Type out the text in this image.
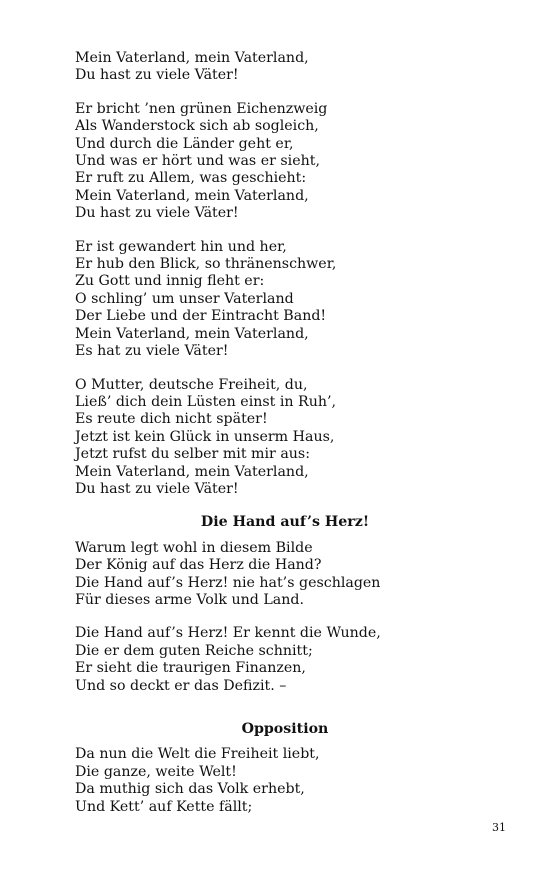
Mein Vaterland, mein Vaterland,
Du hast zu viele Väter!
Er bricht ’nen grünen Eichenzweig
Als Wanderstock sich ab sogleich,
Und durch die Länder geht er,
Und was er hört und was er sieht,
Er ruft zu Allem, was geschieht:
Mein Vaterland, mein Vaterland,
Du hast zu viele Väter!
Er ist gewandert hin und her,
Er hub den Blick, so thränenschwer,
Zu Gott und innig fleht er:
O schling’ um unser Vaterland
Der Liebe und der Eintracht Band!
Mein Vaterland, mein Vaterland,
Es hat zu viele Väter!
O Mutter, deutsche Freiheit, du,
Ließ’ dich dein Lüsten einst in Ruh’,
Es reute dich nicht später!
Jetzt ist kein Glück in unserm Haus,
Jetzt rufst du selber mit mir aus:
Mein Vaterland, mein Vaterland,
Du hast zu viele Väter!
Die Hand auf’s Herz!
Warum legt wohl in diesem Bilde
Der König auf das Herz die Hand?
Die Hand auf’s Herz! nie hat’s geschlagen
Für dieses arme Volk und Land.
Die Hand auf’s Herz! Er kennt die Wunde,
Die er dem guten Reiche schnitt;
Er sieht die traurigen Finanzen,
Und so deckt er das Defizit. –
Opposition
Da nun die Welt die Freiheit liebt,
Die ganze, weite Welt!
Da muthig sich das Volk erhebt,
Und Kett’ auf Kette fällt;
31
